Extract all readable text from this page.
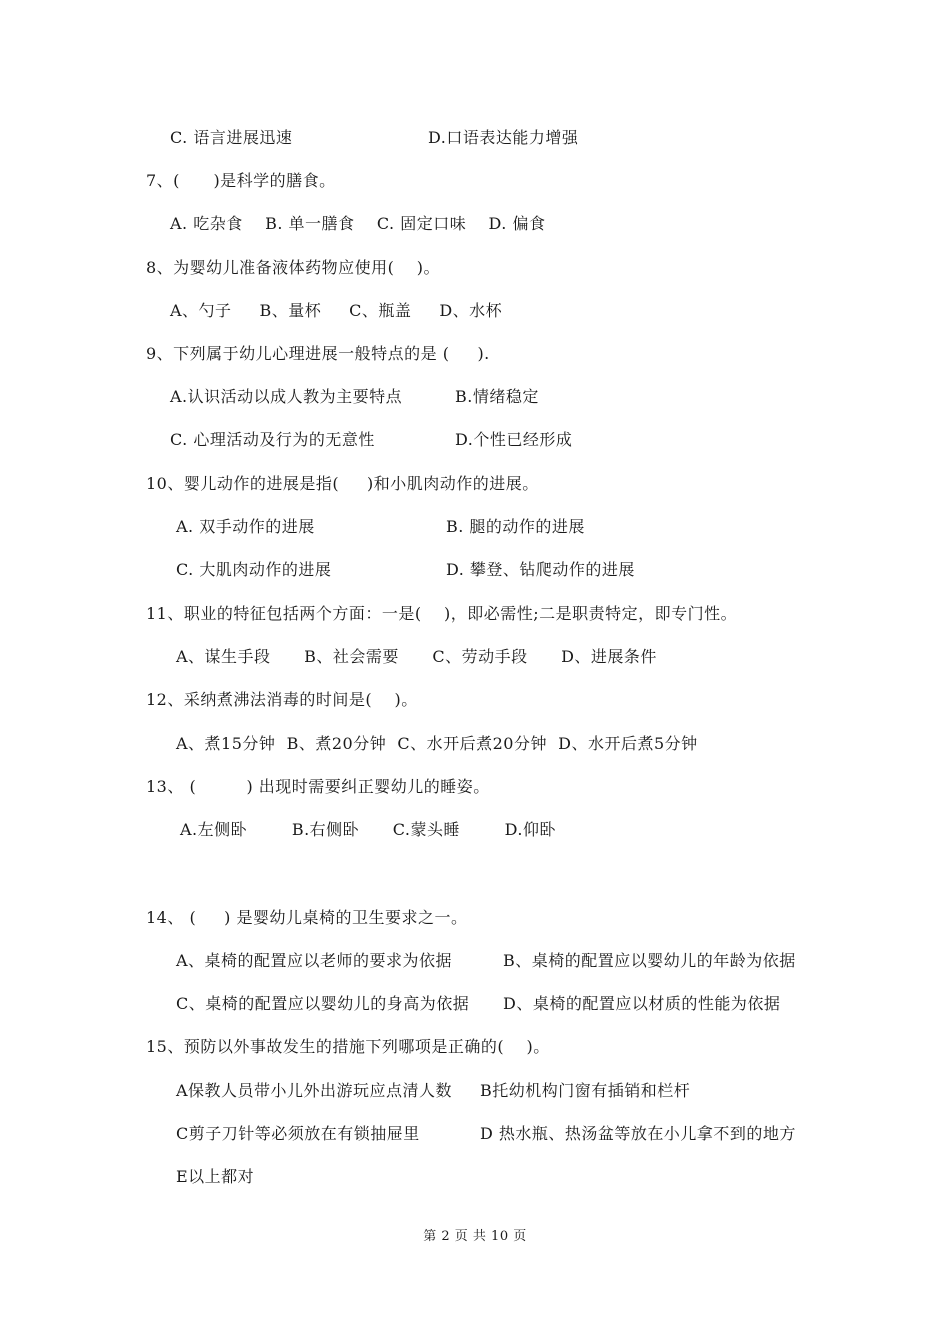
C. 语言进展迅速	D.口语表达能力增强
7、(      )是科学的膳食。
A. 吃杂食    B. 单一膳食    C. 固定口味    D. 偏食
8、为婴幼儿准备液体药物应使用(    )。
A、勺子     B、量杯     C、瓶盖     D、水杯
9、下列属于幼儿心理进展一般特点的是 (     ).
A.认识活动以成人教为主要特点	B.情绪稳定
C. 心理活动及行为的无意性	D.个性已经形成
10、婴儿动作的进展是指(     )和小肌肉动作的进展。
A. 双手动作的进展	B. 腿的动作的进展
C. 大肌肉动作的进展	D. 攀登、钻爬动作的进展
11、职业的特征包括两个方面：一是(    )，即必需性;二是职责特定，即专门性。
A、谋生手段      B、社会需要      C、劳动手段      D、进展条件
12、采纳煮沸法消毒的时间是(    )。
A、煮15分钟  B、煮20分钟  C、水开后煮20分钟  D、水开后煮5分钟
13、 (         ) 出现时需要纠正婴幼儿的睡姿。
A.左侧卧        B.右侧卧      C.蒙头睡        D.仰卧
14、 (     ) 是婴幼儿桌椅的卫生要求之一。
A、桌椅的配置应以老师的要求为依据	B、桌椅的配置应以婴幼儿的年龄为依据
C、桌椅的配置应以婴幼儿的身高为依据 D、桌椅的配置应以材质的性能为依据
15、预防以外事故发生的措施下列哪项是正确的(    )。
A保教人员带小儿外出游玩应点清人数 B托幼机构门窗有插销和栏杆
C剪子刀针等必须放在有锁抽屉里	D 热水瓶、热汤盆等放在小儿拿不到的地方
E以上都对
第 2 页 共 10 页
